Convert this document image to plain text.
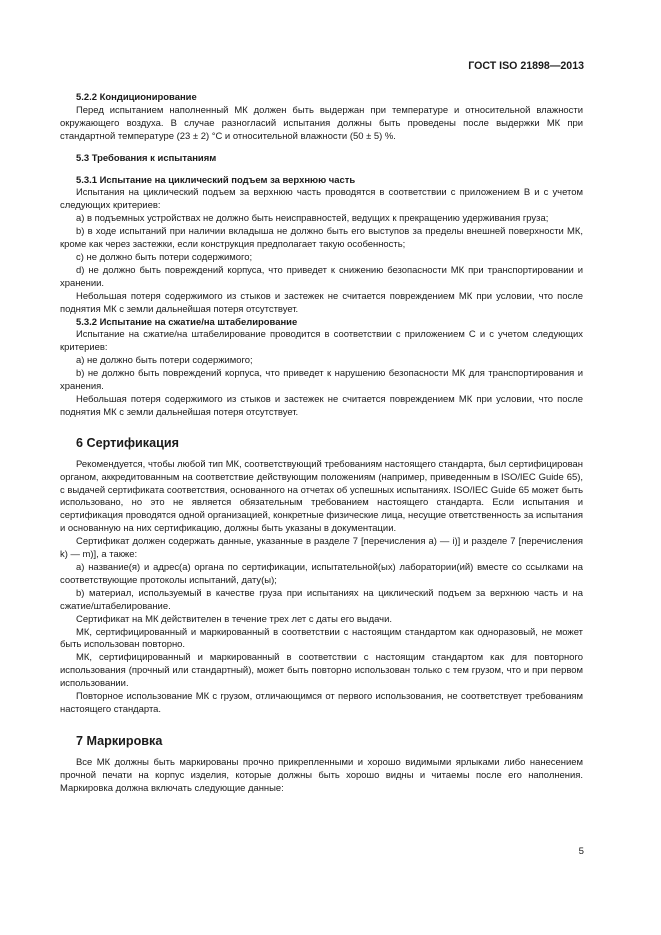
ГОСТ ISO 21898—2013

5.2.2 Кондиционирование

Перед испытанием наполненный МК должен быть выдержан при температуре и относительной влажности окружающего воздуха. В случае разногласий испытания должны быть проведены после выдержки МК при стандартной температуре (23 ± 2) °С и относительной влажности (50 ± 5) %.

5.3 Требования к испытаниям

5.3.1 Испытание на циклический подъем за верхнюю часть

Испытания на циклический подъем за верхнюю часть проводятся в соответствии с приложением В и с учетом следующих критериев:

a) в подъемных устройствах не должно быть неисправностей, ведущих к прекращению удерживания груза;

b) в ходе испытаний при наличии вкладыша не должно быть его выступов за пределы внешней поверхности МК, кроме как через застежки, если конструкция предполагает такую особенность;

c) не должно быть потери содержимого;

d) не должно быть повреждений корпуса, что приведет к снижению безопасности МК при транспортировании и хранении.

Небольшая потеря содержимого из стыков и застежек не считается повреждением МК при условии, что после поднятия МК с земли дальнейшая потеря отсутствует.

5.3.2 Испытание на сжатие/на штабелирование

Испытание на сжатие/на штабелирование проводится в соответствии с приложением С и с учетом следующих критериев:

a) не должно быть потери содержимого;

b) не должно быть повреждений корпуса, что приведет к нарушению безопасности МК для транспортирования и хранения.

Небольшая потеря содержимого из стыков и застежек не считается повреждением МК при условии, что после поднятия МК с земли дальнейшая потеря отсутствует.

6 Сертификация

Рекомендуется, чтобы любой тип МК, соответствующий требованиям настоящего стандарта, был сертифицирован органом, аккредитованным на соответствие действующим положениям (например, приведенным в ISO/IEC Guide 65), с выдачей сертификата соответствия, основанного на отчетах об успешных испытаниях. ISO/IEC Guide 65 может быть использовано, но это не является обязательным требованием настоящего стандарта. Если испытания и сертификация проводятся одной организацией, конкретные физические лица, несущие ответственность за испытания и основанную на них сертификацию, должны быть указаны в документации.

Сертификат должен содержать данные, указанные в разделе 7 [перечисления а) — i)] и разделе 7 [перечисления k) — m)], а также:

a) название(я) и адрес(а) органа по сертификации, испытательной(ых) лаборатории(ий) вместе со ссылками на соответствующие протоколы испытаний, дату(ы);

b) материал, используемый в качестве груза при испытаниях на циклический подъем за верхнюю часть и на сжатие/штабелирование.

Сертификат на МК действителен в течение трех лет с даты его выдачи.

МК, сертифицированный и маркированный в соответствии с настоящим стандартом как одноразовый, не может быть использован повторно.

МК, сертифицированный и маркированный в соответствии с настоящим стандартом как для повторного использования (прочный или стандартный), может быть повторно использован только с тем грузом, что и при первом использовании.

Повторное использование МК с грузом, отличающимся от первого использования, не соответствует требованиям настоящего стандарта.

7 Маркировка

Все МК должны быть маркированы прочно прикрепленными и хорошо видимыми ярлыками либо нанесением прочной печати на корпус изделия, которые должны быть хорошо видны и читаемы после его наполнения. Маркировка должна включать следующие данные:

5
